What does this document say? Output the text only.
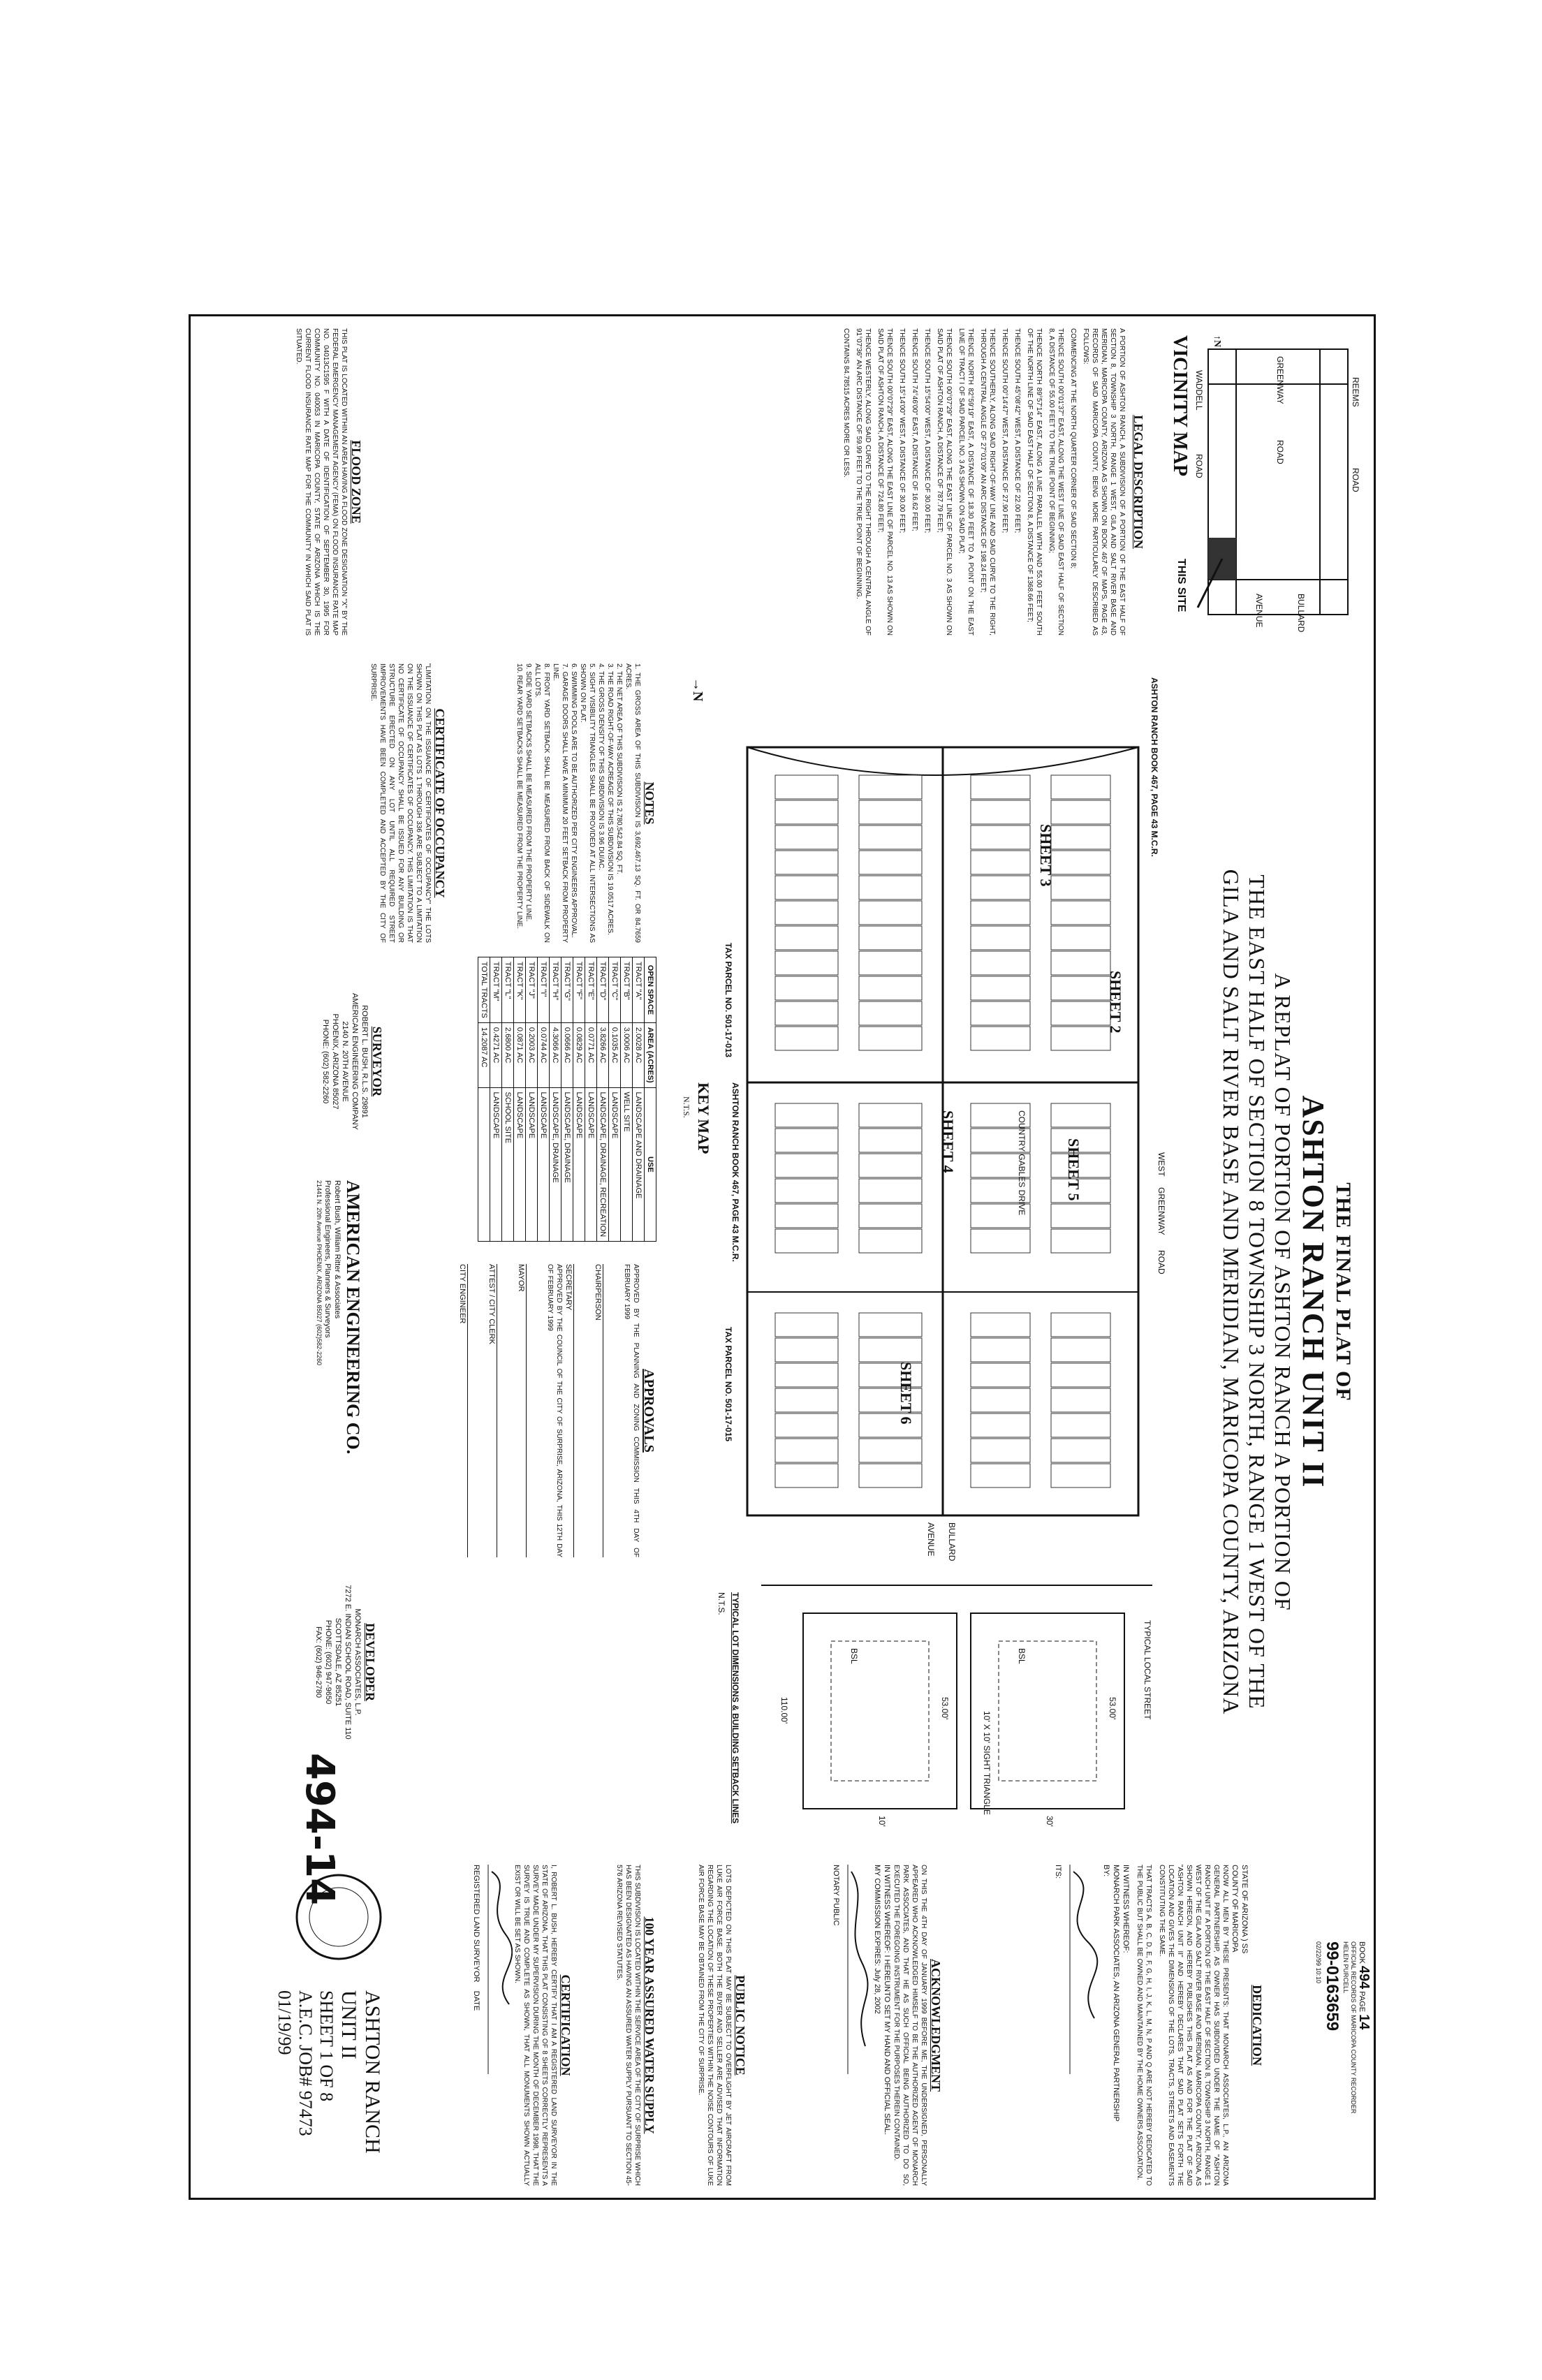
THE FINAL PLAT OF
ASHTON RANCH UNIT II
A REPLAT OF PORTION OF ASHTON RANCH A PORTION OF
THE EAST HALF OF SECTION 8 TOWNSHIP 3 NORTH, RANGE 1 WEST OF THE
GILA AND SALT RIVER BASE AND MERIDIAN, MARICOPA COUNTY, ARIZONA
REEMS
ROAD
GREENWAY
ROAD
WADDELL
ROAD
BULLARD
AVENUE
THIS SITE
VICINITY MAP ↑N
LEGAL DESCRIPTION
A PORTION OF ASHTON RANCH, A SUBDIVISION OF A PORTION OF THE EAST HALF OF SECTION 8, TOWNSHIP 3 NORTH, RANGE 1 WEST, GILA AND SALT RIVER BASE AND MERIDIAN, MARICOPA COUNTY, ARIZONA AS SHOWN ON BOOK 467 OF MAPS, PAGE 43, RECORDS OF SAID MARICOPA COUNTY, BEING MORE PARTICULARLY DESCRIBED AS FOLLOWS:
COMMENCING AT THE NORTH QUARTER CORNER OF SAID SECTION 8;
THENCE SOUTH 00°01'37" EAST, ALONG THE WEST LINE OF SAID EAST HALF OF SECTION 8, A DISTANCE OF 55.00 FEET TO THE TRUE POINT OF BEGINNING;
THENCE NORTH 89°57'14" EAST, ALONG A LINE PARALLEL WITH AND 55.00 FEET SOUTH OF THE NORTH LINE OF SAID EAST HALF OF SECTION 8, A DISTANCE OF 1368.66 FEET;
THENCE SOUTH 45°08'42" WEST, A DISTANCE OF 22.00 FEET;
THENCE SOUTH 00°14'47" WEST, A DISTANCE OF 27.90 FEET;
THENCE SOUTHERLY, ALONG SAID RIGHT-OF-WAY LINE AND SAID CURVE TO THE RIGHT, THROUGH A CENTRAL ANGLE OF 27°01'09" AN ARC DISTANCE OF 198.24 FEET;
THENCE NORTH 82°59'19" EAST, A DISTANCE OF 18.30 FEET TO A POINT ON THE EAST LINE OF TRACT I OF SAID PARCEL NO. 3 AS SHOWN ON SAID PLAT;
THENCE SOUTH 00°07'29" EAST, ALONG THE EAST LINE OF PARCEL NO. 3 AS SHOWN ON SAID PLAT OF ASHTON RANCH, A DISTANCE OF 787.79 FEET;
THENCE SOUTH 15°54'00" WEST, A DISTANCE OF 30.00 FEET;
THENCE SOUTH 74°46'00" EAST, A DISTANCE OF 16.62 FEET;
THENCE SOUTH 15°14'00" WEST, A DISTANCE OF 30.00 FEET;
THENCE SOUTH 00°07'29" EAST, ALONG THE EAST LINE OF PARCEL NO. 13 AS SHOWN ON SAID PLAT OF ASHTON RANCH, A DISTANCE OF 724.80 FEET;
THENCE WESTERLY, ALONG SAID CURVE TO THE RIGHT THROUGH A CENTRAL ANGLE OF 91°07'36" AN ARC DISTANCE OF 59.99 FEET TO THE TRUE POINT OF BEGINNING.
CONTAINS 84.78515 ACRES MORE OR LESS.
FLOOD ZONE
THIS PLAT IS LOCATED WITHIN AN AREA HAVING A FLOOD ZONE DESIGNATION "X" BY THE FEDERAL EMERGENCY MANAGEMENT AGENCY (FEMA) ON FLOOD INSURANCE RATE MAP NO. 04013C1595 F WITH A DATE OF IDENTIFICATION OF SEPTEMBER 30, 1995 FOR COMMUNITY NO. 040053 IN MARICOPA COUNTY, STATE OF ARIZONA WHICH IS THE CURRENT FLOOD INSURANCE RATE MAP FOR THE COMMUNITY IN WHICH SAID PLAT IS SITUATED.
SHEET 3
SHEET 2
SHEET 4	SHEET 5
SHEET 6
ASHTON RANCH BOOK 467, PAGE 43 M.C.R.
ASHTON RANCH BOOK 467, PAGE 43 M.C.R.
TAX PARCEL NO. 501-17-013
TAX PARCEL NO. 501-17-015
BULLARD
AVENUE
WEST
GREENWAY
ROAD
COUNTRY GABLES DRIVE
KEY MAP
N.T.S.
→N
NOTES
1. THE GROSS AREA OF THIS SUBDIVISION IS 3,692,467.13 SQ. FT. OR 84.7659 ACRES.
2. THE NET AREA OF THIS SUBDIVISION IS 2,780,542.84 SQ. FT.
3. THE ROAD RIGHT-OF-WAY ACREAGE OF THIS SUBDIVISION IS 19.0517 ACRES.
4. THE GROSS DENSITY OF THIS SUBDIVISION IS 3.96 DU/AC.
5. SIGHT VISIBILITY TRIANGLES SHALL BE PROVIDED AT ALL INTERSECTIONS AS SHOWN ON PLAT.
6. SWIMMING POOLS ARE TO BE AUTHORIZED PER CITY ENGINEERS APPROVAL.
7. GARAGE DOORS SHALL HAVE A MINIMUM 20 FEET SETBACK FROM PROPERTY LINE.
8. FRONT YARD SETBACK SHALL BE MEASURED FROM BACK OF SIDEWALK ON ALL LOTS.
9. SIDE YARD SETBACKS SHALL BE MEASURED FROM THE PROPERTY LINE.
10. REAR YARD SETBACKS SHALL BE MEASURED FROM THE PROPERTY LINE.
OPEN SPACE	AREA (ACRES)	USE
TRACT "A"	2.0028 AC	LANDSCAPE AND DRAINAGE
TRACT "B"	3.0006 AC	WELL SITE
TRACT "C"	0.1035 AC	LANDSCAPE
TRACT "D"	3.8266 AC	LANDSCAPE, DRAINAGE, RECREATION
TRACT "E"	0.0771 AC	LANDSCAPE
TRACT "F"	0.0829 AC	LANDSCAPE
TRACT "G"	0.0666 AC	LANDSCAPE, DRAINAGE
TRACT "H"	4.3066 AC	LANDSCAPE, DRAINAGE
TRACT "I"	0.0744 AC	LANDSCAPE
TRACT "J"	0.2003 AC	LANDSCAPE
TRACT "K"	0.0871 AC	LANDSCAPE
TRACT "L"	2.6800 AC	SCHOOL SITE
TRACT "M"	0.4271 AC	LANDSCAPE
TOTAL TRACTS	14.2087 AC	
CERTIFICATE OF OCCUPANCY
"LIMITATION ON THE ISSUANCE OF CERTIFICATES OF OCCUPANCY" THE LOTS SHOWN ON THIS PLAT AS LOTS 1 THROUGH 336 ARE SUBJECT TO A LIMITATION ON THE ISSUANCE OF CERTIFICATES OF OCCUPANCY. THIS LIMITATION IS THAT NO CERTIFICATE OF OCCUPANCY SHALL BE ISSUED FOR ANY BUILDING OR STRUCTURE ERECTED ON ANY LOT UNTIL ALL REQUIRED STREET IMPROVEMENTS HAVE BEEN COMPLETED AND ACCEPTED BY THE CITY OF SURPRISE.
SURVEYOR
ROBERT L. BUSH, R.L.S. 29891
AMERICAN ENGINEERING COMPANY
2140 N. 20TH AVENUE
PHOENIX, ARIZONA 85027
PHONE: (602) 582-2260
AMERICAN ENGINEERING CO.
Robert Bush, William Ritter & Associates
Professional Engineers, Planners & Surveyors
21441 N. 20th Avenue PHOENIX, ARIZONA 85027 (602)582-2260
APPROVALS
APPROVED BY THE PLANNING AND ZONING COMMISSION THIS 4TH DAY OF FEBRUARY 1999
CHAIRPERSON
SECRETARY
APPROVED BY THE COUNCIL OF THE CITY OF SURPRISE, ARIZONA, THIS 12TH DAY OF FEBRUARY 1999
MAYOR
ATTEST / CITY CLERK
CITY ENGINEER
DEVELOPER
MONARCH ASSOCIATES, L.P.
7272 E. INDIAN SCHOOL ROAD, SUITE 110
SCOTTSDALE, AZ 85251
PHONE: (602) 947-9650
FAX: (602) 946-2780	TYPICAL LOT DIMENSIONS & BUILDING SETBACK LINES
N.T.S.
TYPICAL LOCAL STREET
53.00'
30'
53.00'
110.00'
BSL
BSL
10'
10' X 10' SIGHT TRIANGLE
DEDICATION
STATE OF ARIZONA ) SS
COUNTY OF MARICOPA
KNOW ALL MEN BY THESE PRESENTS: THAT MONARCH ASSOCIATES, L.P., AN ARIZONA GENERAL PARTNERSHIP, AS OWNER HAS SUBDIVIDED UNDER THE NAME OF "ASHTON RANCH UNIT II" A PORTION OF THE EAST HALF OF SECTION 8, TOWNSHIP 3 NORTH, RANGE 1 WEST OF THE GILA AND SALT RIVER BASE AND MERIDIAN, MARICOPA COUNTY, ARIZONA, AS SHOWN HEREON, AND HEREBY PUBLISHES THIS PLAT AS AND FOR THE PLAT OF SAID "ASHTON RANCH UNIT II" AND HEREBY DECLARES THAT SAID PLAT SETS FORTH THE LOCATION AND GIVES THE DIMENSIONS OF THE LOTS, TRACTS, STREETS AND EASEMENTS CONSTITUTING THE SAME.
THAT TRACTS A, B, C, D, E, F, G, H, I, J, K, L, M, N, P AND Q ARE NOT HEREBY DEDICATED TO THE PUBLIC BUT SHALL BE OWNED AND MAINTAINED BY THE HOME OWNERS ASSOCIATION.
IN WITNESS WHEREOF:
MONARCH PARK ASSOCIATES, AN ARIZONA GENERAL PARTNERSHIP
BY:
ITS:
ACKNOWLEDGMENT
ON THIS THE 4TH DAY OF JANUARY 1999 BEFORE ME, THE UNDERSIGNED, PERSONALLY APPEARED WHO ACKNOWLEDGED HIMSELF TO BE THE AUTHORIZED AGENT OF MONARCH PARK ASSOCIATES, AND THAT HE AS SUCH OFFICIAL BEING AUTHORIZED TO DO SO, EXECUTED THE FOREGOING INSTRUMENT FOR THE PURPOSES THEREIN CONTAINED.
IN WITNESS WHEREOF: I HEREUNTO SET MY HAND AND OFFICIAL SEAL.
MY COMMISSION EXPIRES: July 28, 2002
NOTARY PUBLIC
PUBLIC NOTICE
LOTS DEPICTED ON THIS PLAT MAY BE SUBJECT TO OVERFLIGHT BY JET AIRCRAFT FROM LUKE AIR FORCE BASE. BOTH THE BUYER AND SELLER ARE ADVISED THAT INFORMATION REGARDING THE LOCATION OF THESE PROPERTIES WITHIN THE NOISE CONTOURS OF LUKE AIR FORCE BASE MAY BE OBTAINED FROM THE CITY OF SURPRISE.
100 YEAR ASSURED WATER SUPPLY
THIS SUBDIVISION IS LOCATED WITHIN THE SERVICE AREA OF THE CITY OF SURPRISE WHICH HAS BEEN DESIGNATED AS HAVING AN ASSURED WATER SUPPLY PURSUANT TO SECTION 45-576 ARIZONA REVISED STATUTES.
CERTIFICATION
I, ROBERT L. BUSH, HEREBY CERTIFY THAT I AM A REGISTERED LAND SURVEYOR IN THE STATE OF ARIZONA, THAT THIS PLAT CONSISTING OF 8 SHEETS CORRECTLY REPRESENTS A SURVEY MADE UNDER MY SUPERVISION DURING THE MONTH OF DECEMBER 1998, THAT THE SURVEY IS TRUE AND COMPLETE AS SHOWN, THAT ALL MONUMENTS SHOWN ACTUALLY EXIST OR WILL BE SET AS SHOWN.
REGISTERED LAND SURVEYOR    DATE
ASHTON RANCH
UNIT II
SHEET 1 OF 8
A.E.C. JOB# 97473
01/19/99
BOOK 494 PAGE 14
OFFICIAL RECORDS OF MARICOPA COUNTY RECORDER
HELEN PURCELL
99-0163659
02/22/99 10:10
494-14
